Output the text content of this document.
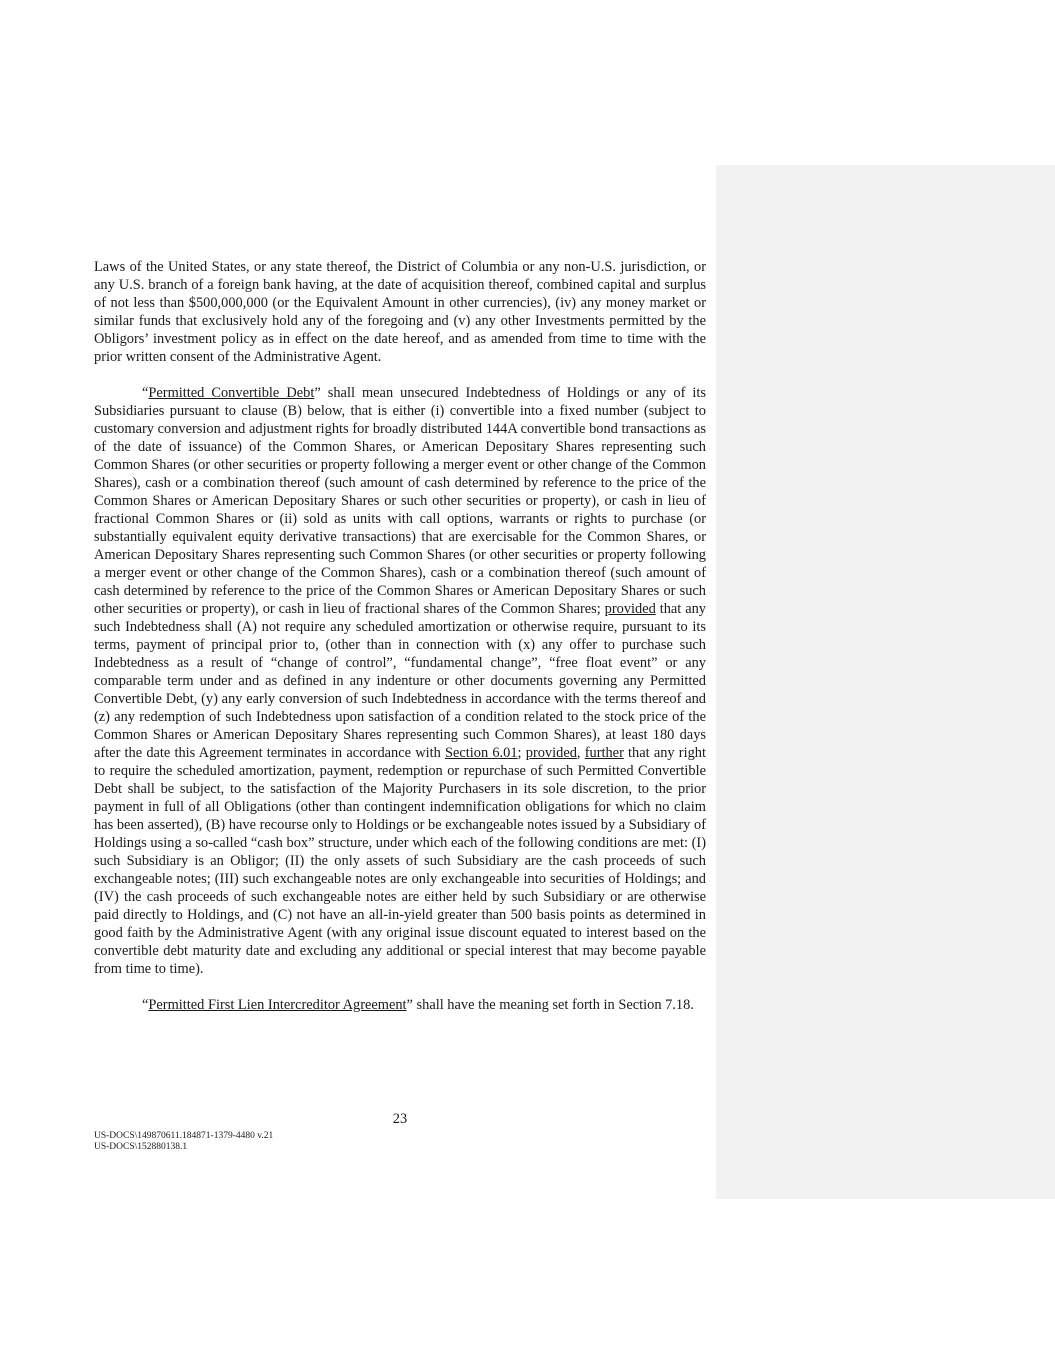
Laws of the United States, or any state thereof, the District of Columbia or any non-U.S. jurisdiction, or any U.S. branch of a foreign bank having, at the date of acquisition thereof, combined capital and surplus of not less than $500,000,000 (or the Equivalent Amount in other currencies), (iv) any money market or similar funds that exclusively hold any of the foregoing and (v) any other Investments permitted by the Obligors’ investment policy as in effect on the date hereof, and as amended from time to time with the prior written consent of the Administrative Agent.

“Permitted Convertible Debt” shall mean unsecured Indebtedness of Holdings or any of its Subsidiaries pursuant to clause (B) below, that is either (i) convertible into a fixed number (subject to customary conversion and adjustment rights for broadly distributed 144A convertible bond transactions as of the date of issuance) of the Common Shares, or American Depositary Shares representing such Common Shares (or other securities or property following a merger event or other change of the Common Shares), cash or a combination thereof (such amount of cash determined by reference to the price of the Common Shares or American Depositary Shares or such other securities or property), or cash in lieu of fractional Common Shares or (ii) sold as units with call options, warrants or rights to purchase (or substantially equivalent equity derivative transactions) that are exercisable for the Common Shares, or American Depositary Shares representing such Common Shares (or other securities or property following a merger event or other change of the Common Shares), cash or a combination thereof (such amount of cash determined by reference to the price of the Common Shares or American Depositary Shares or such other securities or property), or cash in lieu of fractional shares of the Common Shares; provided that any such Indebtedness shall (A) not require any scheduled amortization or otherwise require, pursuant to its terms, payment of principal prior to, (other than in connection with (x) any offer to purchase such Indebtedness as a result of “change of control”, “fundamental change”, “free float event” or any comparable term under and as defined in any indenture or other documents governing any Permitted Convertible Debt, (y) any early conversion of such Indebtedness in accordance with the terms thereof and (z) any redemption of such Indebtedness upon satisfaction of a condition related to the stock price of the Common Shares or American Depositary Shares representing such Common Shares), at least 180 days after the date this Agreement terminates in accordance with Section 6.01; provided, further that any right to require the scheduled amortization, payment, redemption or repurchase of such Permitted Convertible Debt shall be subject, to the satisfaction of the Majority Purchasers in its sole discretion, to the prior payment in full of all Obligations (other than contingent indemnification obligations for which no claim has been asserted), (B) have recourse only to Holdings or be exchangeable notes issued by a Subsidiary of Holdings using a so-called “cash box” structure, under which each of the following conditions are met: (I) such Subsidiary is an Obligor; (II) the only assets of such Subsidiary are the cash proceeds of such exchangeable notes; (III) such exchangeable notes are only exchangeable into securities of Holdings; and (IV) the cash proceeds of such exchangeable notes are either held by such Subsidiary or are otherwise paid directly to Holdings, and (C) not have an all-in-yield greater than 500 basis points as determined in good faith by the Administrative Agent (with any original issue discount equated to interest based on the convertible debt maturity date and excluding any additional or special interest that may become payable from time to time).

“Permitted First Lien Intercreditor Agreement” shall have the meaning set forth in Section 7.18.

23
US-DOCS\149870611.184871-1379-4480 v.21
US-DOCS\152880138.1
